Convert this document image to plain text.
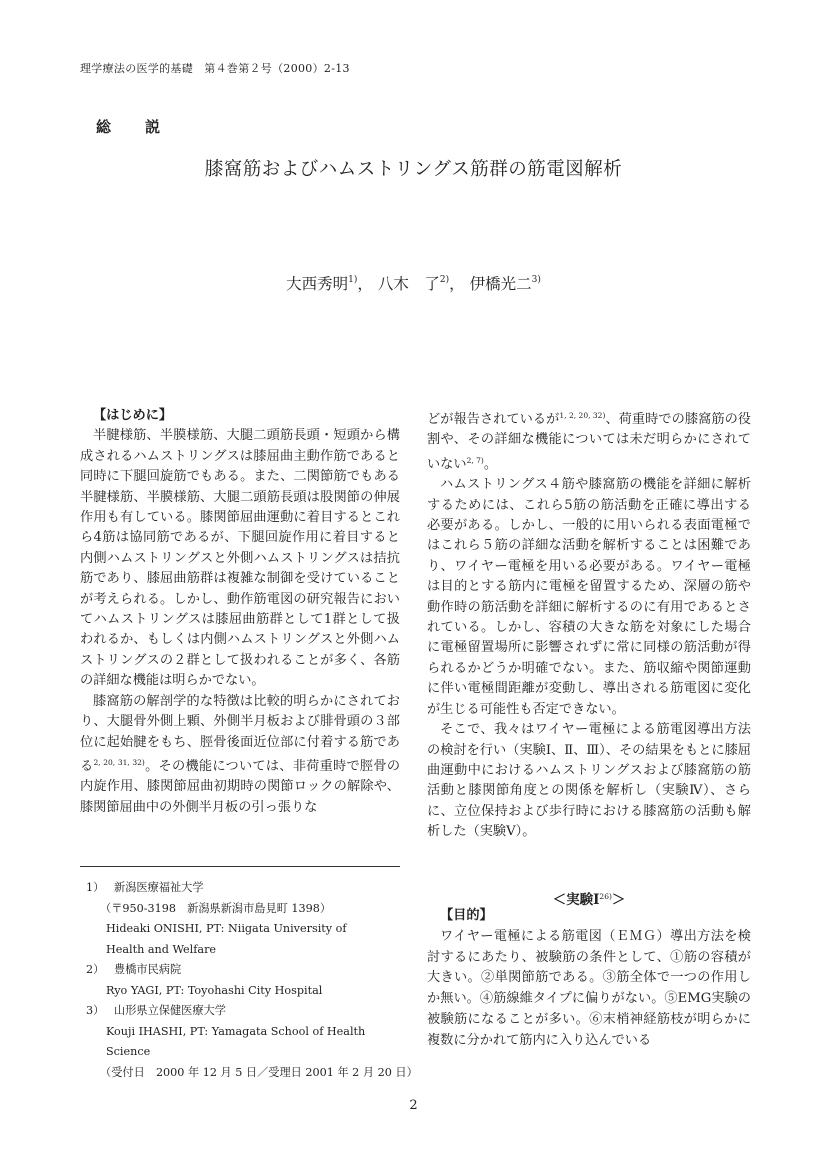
理学療法の医学的基礎　第４巻第２号（2000）2-13
総説
膝窩筋およびハムストリングス筋群の筋電図解析
大西秀明$^{1)}$， 八木　了$^{2)}$， 伊橋光二$^{3)}$

【はじめに】

半腱様筋、半膜様筋、大腿二頭筋長頭・短頭から構成されるハムストリングスは膝屈曲主動作筋であると同時に下腿回旋筋でもある。また、二関節筋でもある半腱様筋、半膜様筋、大腿二頭筋長頭は股関節の伸展作用も有している。膝関節屈曲運動に着目するとこれら4筋は協同筋であるが、下腿回旋作用に着目すると内側ハムストリングスと外側ハムストリングスは拮抗筋であり、膝屈曲筋群は複雑な制御を受けていることが考えられる。しかし、動作筋電図の研究報告においてハムストリングスは膝屈曲筋群として1群として扱われるか、もしくは内側ハムストリングスと外側ハムストリングスの２群として扱われることが多く、各筋の詳細な機能は明らかでない。

膝窩筋の解剖学的な特徴は比較的明らかにされており、大腿骨外側上顆、外側半月板および腓骨頭の３部位に起始腱をもち、脛骨後面近位部に付着する筋である$^{2, 20, 31, 32)}$。その機能については、非荷重時で脛骨の内旋作用、膝関節屈曲初期時の関節ロックの解除や、膝関節屈曲中の外側半月板の引っ張りな

どが報告されているが$^{1, 2, 20, 32)}$、荷重時での膝窩筋の役割や、その詳細な機能については未だ明らかにされていない$^{2, 7)}$。

ハムストリングス４筋や膝窩筋の機能を詳細に解析するためには、これら5筋の筋活動を正確に導出する必要がある。しかし、一般的に用いられる表面電極ではこれら５筋の詳細な活動を解析することは困難であり、ワイヤー電極を用いる必要がある。ワイヤー電極は目的とする筋内に電極を留置するため、深層の筋や動作時の筋活動を詳細に解析するのに有用であるとされている。しかし、容積の大きな筋を対象にした場合に電極留置場所に影響されずに常に同様の筋活動が得られるかどうか明確でない。また、筋収縮や関節運動に伴い電極間距離が変動し、導出される筋電図に変化が生じる可能性も否定できない。

そこで、我々はワイヤー電極による筋電図導出方法の検討を行い（実験Ⅰ、Ⅱ、Ⅲ）、その結果をもとに膝屈曲運動中におけるハムストリングスおよび膝窩筋の筋活動と膝関節角度との関係を解析し（実験Ⅳ）、さらに、立位保持および歩行時における膝窩筋の活動も解析した（実験Ⅴ）。

1） 新潟医療福祉大学
（〒950-3198　新潟県新潟市島見町 1398）
Hideaki ONISHI, PT: Niigata University of
Health and Welfare
2） 豊橋市民病院
Ryo YAGI, PT: Toyohashi City Hospital
3） 山形県立保健医療大学
Kouji IHASHI, PT: Yamagata School of Health
Science
（受付日　2000 年 12 月 5 日／受理日 2001 年 2 月 20 日）
＜実験Ⅰ$^{26)}$＞

【目的】

ワイヤー電極による筋電図（ＥＭＧ）導出方法を検討するにあたり、被験筋の条件として、①筋の容積が大きい。②単関節筋である。③筋全体で一つの作用しか無い。④筋線維タイプに偏りがない。⑤EMG実験の被験筋になることが多い。⑥末梢神経筋枝が明らかに複数に分かれて筋内に入り込んでいる

2
